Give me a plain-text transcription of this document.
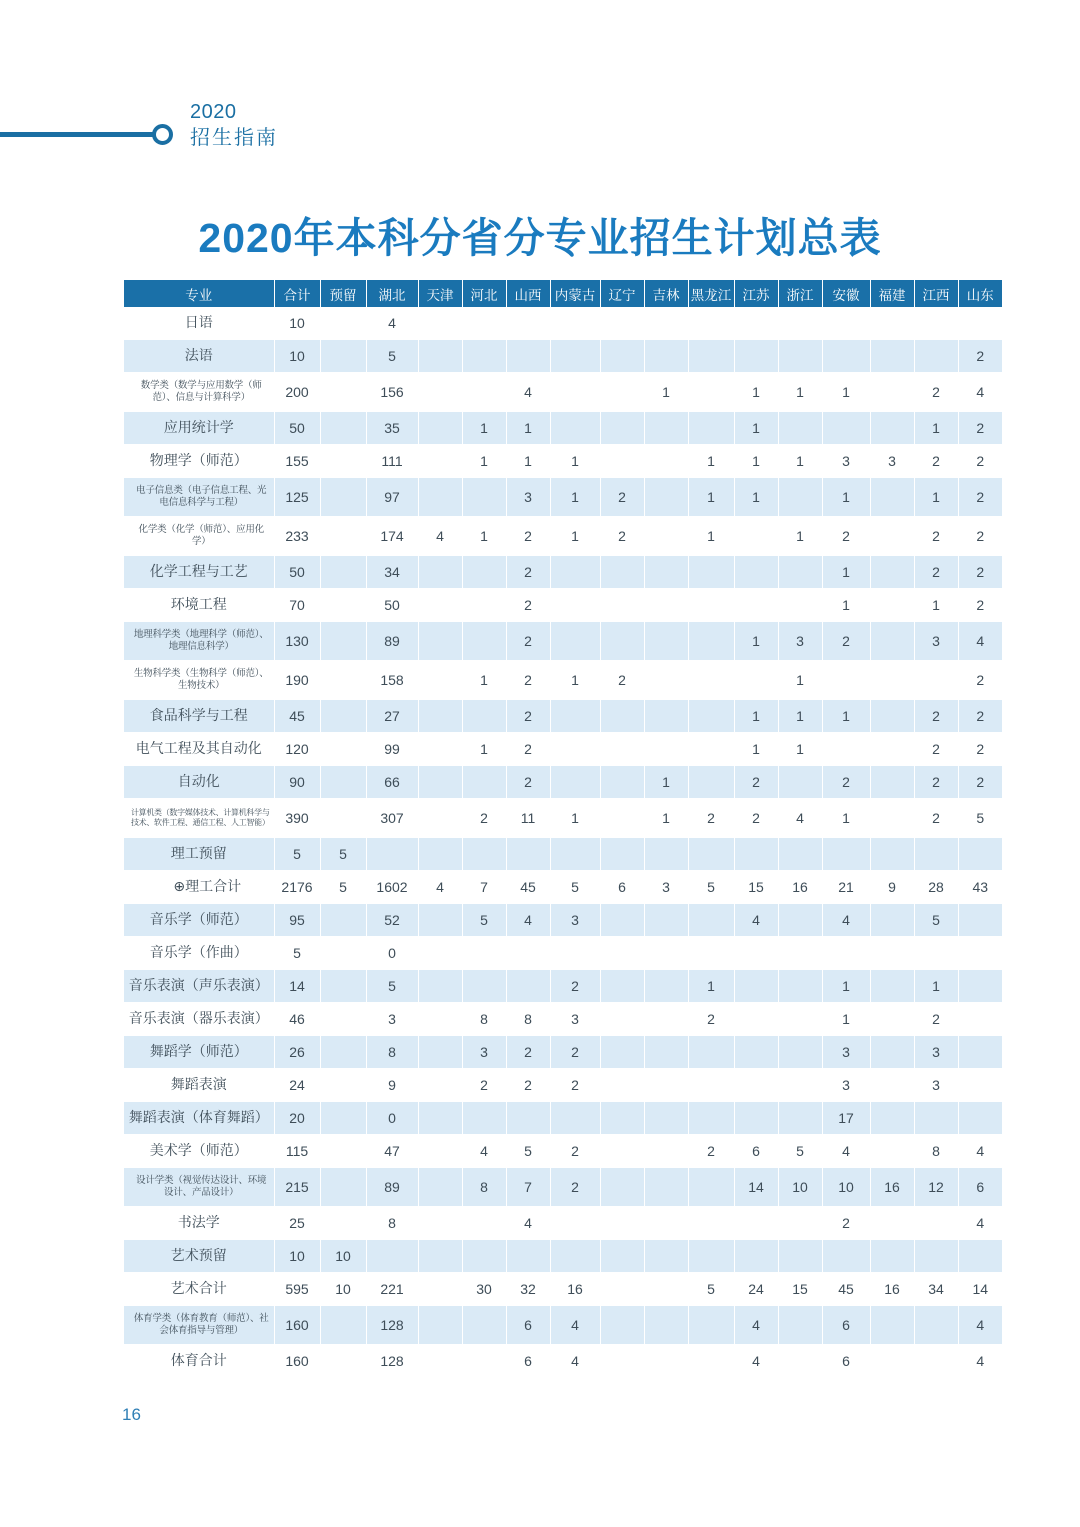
2020
招生指南
2020年本科分省分专业招生计划总表
专业	合计	预留	湖北	天津	河北	山西	内蒙古	辽宁	吉林	黑龙江	江苏	浙江	安徽	福建	江西	山东
日语	10		4													
法语	10		5													2
数学类（数学与应用数学（师范）、信息与计算科学）	200		156			4			1		1	1	1		2	4
应用统计学	50		35		1	1					1				1	2
物理学（师范）	155		111		1	1	1			1	1	1	3	3	2	2
电子信息类（电子信息工程、光电信息科学与工程）	125		97			3	1	2		1	1		1		1	2
化学类（化学（师范）、应用化学）	233		174	4	1	2	1	2		1		1	2		2	2
化学工程与工艺	50		34			2							1		2	2
环境工程	70		50			2							1		1	2
地理科学类（地理科学（师范）、地理信息科学）	130		89			2					1	3	2		3	4
生物科学类（生物科学（师范）、生物技术）	190		158		1	2	1	2				1				2
食品科学与工程	45		27			2					1	1	1		2	2
电气工程及其自动化	120		99		1	2					1	1			2	2
自动化	90		66			2			1		2		2		2	2
计算机类（数字媒体技术、计算机科学与技术、软件工程、通信工程、人工智能）	390		307		2	11	1		1	2	2	4	1		2	5
理工预留	5	5														
⊕理工合计	2176	5	1602	4	7	45	5	6	3	5	15	16	21	9	28	43
音乐学（师范）	95		52		5	4	3				4		4		5	
音乐学（作曲）	5		0													
音乐表演（声乐表演）	14		5				2			1			1		1	
音乐表演（器乐表演）	46		3		8	8	3			2			1		2	
舞蹈学（师范）	26		8		3	2	2						3		3	
舞蹈表演	24		9		2	2	2						3		3	
舞蹈表演（体育舞蹈）	20		0										17			
美术学（师范）	115		47		4	5	2			2	6	5	4		8	4
设计学类（视觉传达设计、环境设计、产品设计）	215		89		8	7	2				14	10	10	16	12	6
书法学	25		8			4							2			4
艺术预留	10	10														
艺术合计	595	10	221		30	32	16			5	24	15	45	16	34	14
体育学类（体育教育（师范）、社会体育指导与管理）	160		128			6	4				4		6			4
体育合计	160		128			6	4				4		6			4
16
